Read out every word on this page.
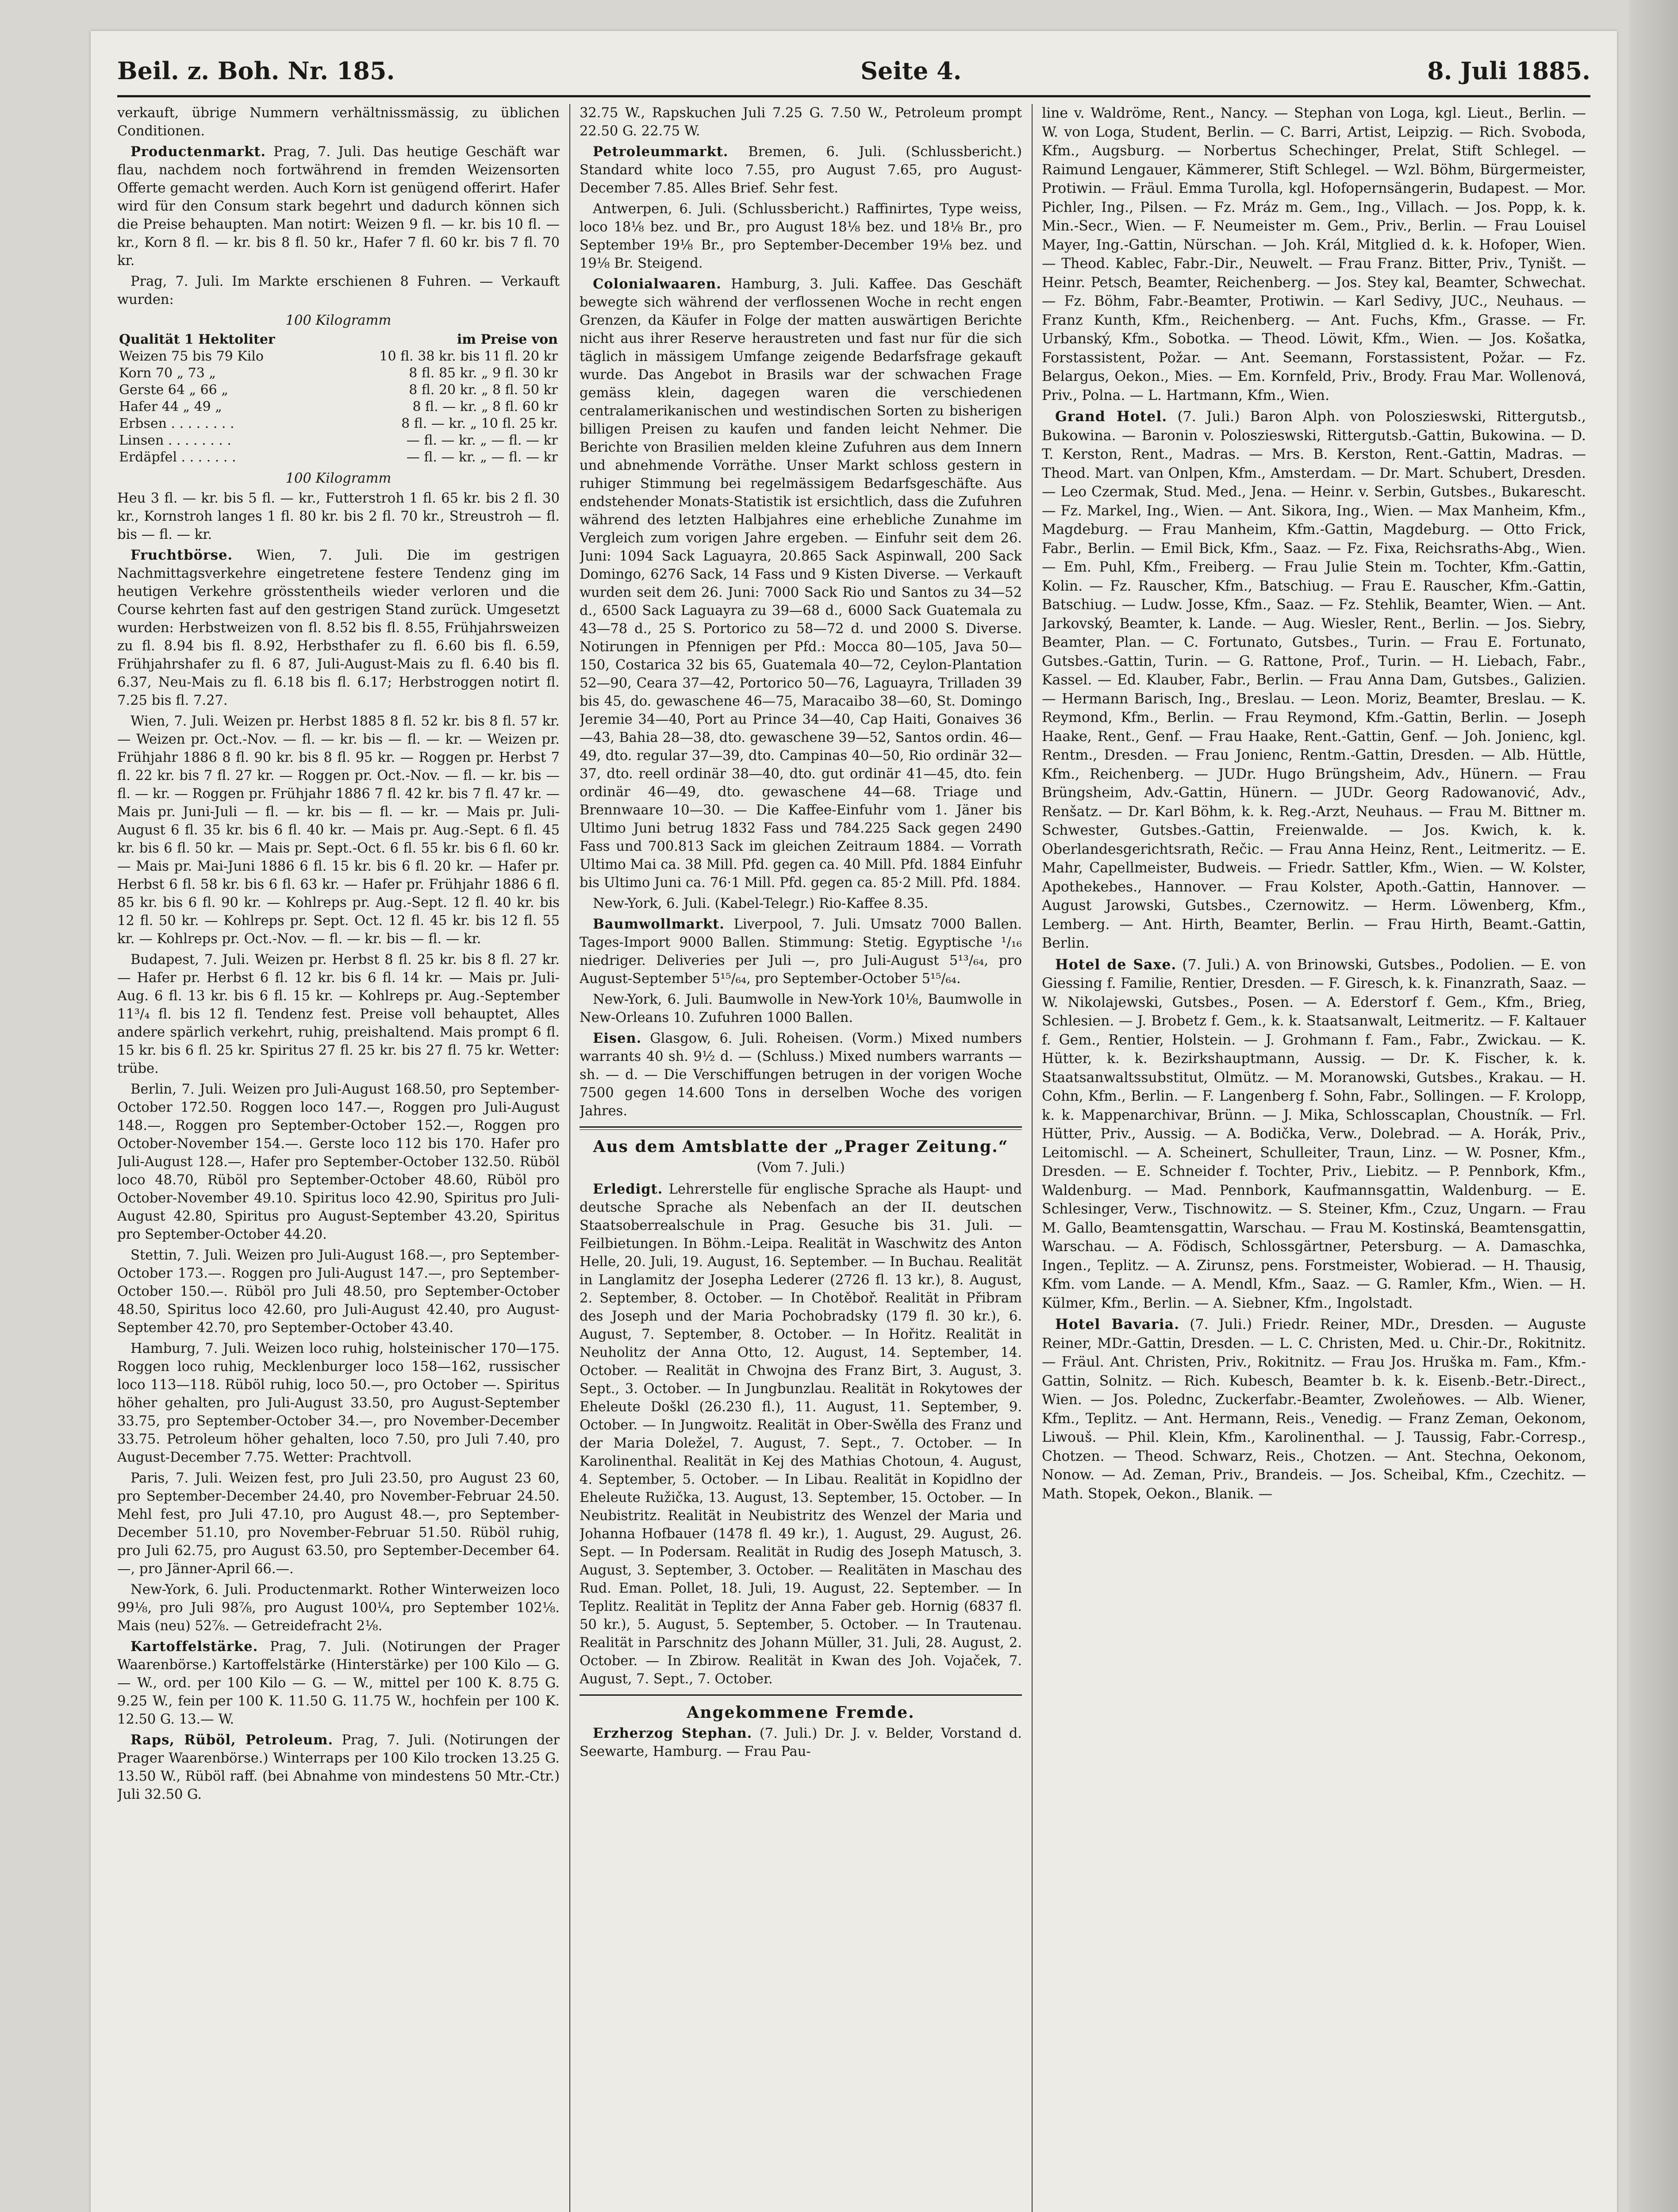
Beil. z. Boh. Nr. 185.	Seite 4.	8. Juli 1885.

verkauft, übrige Nummern verhältnissmässig, zu üblichen Conditionen.

Productenmarkt. Prag, 7. Juli. Das heutige Geschäft war flau, nachdem noch fortwährend in fremden Weizensorten Offerte gemacht werden. Auch Korn ist genügend offerirt. Hafer wird für den Consum stark begehrt und dadurch können sich die Preise behaupten. Man notirt: Weizen 9 fl. — kr. bis 10 fl. — kr., Korn 8 fl. — kr. bis 8 fl. 50 kr., Hafer 7 fl. 60 kr. bis 7 fl. 70 kr.

Prag, 7. Juli. Im Markte erschienen 8 Fuhren. — Verkauft wurden:

100 Kilogramm
Qualität 1 Hektoliter	im Preise von
Weizen 75 bis 79 Kilo	10 fl. 38 kr. bis 11 fl. 20 kr
Korn 70 „ 73 „	8 fl. 85 kr. „ 9 fl. 30 kr
Gerste 64 „ 66 „	8 fl. 20 kr. „ 8 fl. 50 kr
Hafer 44 „ 49 „	8 fl. — kr. „ 8 fl. 60 kr
Erbsen . . . . . . . .	8 fl. — kr. „ 10 fl. 25 kr.
Linsen . . . . . . . .	— fl. — kr. „ — fl. — kr
Erdäpfel . . . . . . .	— fl. — kr. „ — fl. — kr
100 Kilogramm

Heu 3 fl. — kr. bis 5 fl. — kr., Futterstroh 1 fl. 65 kr. bis 2 fl. 30 kr., Kornstroh langes 1 fl. 80 kr. bis 2 fl. 70 kr., Streustroh — fl. bis — fl. — kr.

Fruchtbörse. Wien, 7. Juli. Die im gestrigen Nachmittagsverkehre eingetretene festere Tendenz ging im heutigen Verkehre grösstentheils wieder verloren und die Course kehrten fast auf den gestrigen Stand zurück. Umgesetzt wurden: Herbstweizen von fl. 8.52 bis fl. 8.55, Frühjahrsweizen zu fl. 8.94 bis fl. 8.92, Herbsthafer zu fl. 6.60 bis fl. 6.59, Frühjahrshafer zu fl. 6 87, Juli-August-Mais zu fl. 6.40 bis fl. 6.37, Neu-Mais zu fl. 6.18 bis fl. 6.17; Herbstroggen notirt fl. 7.25 bis fl. 7.27.

Wien, 7. Juli. Weizen pr. Herbst 1885 8 fl. 52 kr. bis 8 fl. 57 kr. — Weizen pr. Oct.-Nov. — fl. — kr. bis — fl. — kr. — Weizen pr. Frühjahr 1886 8 fl. 90 kr. bis 8 fl. 95 kr. — Roggen pr. Herbst 7 fl. 22 kr. bis 7 fl. 27 kr. — Roggen pr. Oct.-Nov. — fl. — kr. bis — fl. — kr. — Roggen pr. Frühjahr 1886 7 fl. 42 kr. bis 7 fl. 47 kr. — Mais pr. Juni-Juli — fl. — kr. bis — fl. — kr. — Mais pr. Juli-August 6 fl. 35 kr. bis 6 fl. 40 kr. — Mais pr. Aug.-Sept. 6 fl. 45 kr. bis 6 fl. 50 kr. — Mais pr. Sept.-Oct. 6 fl. 55 kr. bis 6 fl. 60 kr. — Mais pr. Mai-Juni 1886 6 fl. 15 kr. bis 6 fl. 20 kr. — Hafer pr. Herbst 6 fl. 58 kr. bis 6 fl. 63 kr. — Hafer pr. Frühjahr 1886 6 fl. 85 kr. bis 6 fl. 90 kr. — Kohlreps pr. Aug.-Sept. 12 fl. 40 kr. bis 12 fl. 50 kr. — Kohlreps pr. Sept. Oct. 12 fl. 45 kr. bis 12 fl. 55 kr. — Kohlreps pr. Oct.-Nov. — fl. — kr. bis — fl. — kr.

Budapest, 7. Juli. Weizen pr. Herbst 8 fl. 25 kr. bis 8 fl. 27 kr. — Hafer pr. Herbst 6 fl. 12 kr. bis 6 fl. 14 kr. — Mais pr. Juli-Aug. 6 fl. 13 kr. bis 6 fl. 15 kr. — Kohlreps pr. Aug.-September 11³/₄ fl. bis 12 fl. Tendenz fest. Preise voll behauptet, Alles andere spärlich verkehrt, ruhig, preishaltend. Mais prompt 6 fl. 15 kr. bis 6 fl. 25 kr. Spiritus 27 fl. 25 kr. bis 27 fl. 75 kr. Wetter: trübe.

Berlin, 7. Juli. Weizen pro Juli-August 168.50, pro September-October 172.50. Roggen loco 147.—, Roggen pro Juli-August 148.—, Roggen pro September-October 152.—, Roggen pro October-November 154.—. Gerste loco 112 bis 170. Hafer pro Juli-August 128.—, Hafer pro September-October 132.50. Rüböl loco 48.70, Rüböl pro September-October 48.60, Rüböl pro October-November 49.10. Spiritus loco 42.90, Spiritus pro Juli-August 42.80, Spiritus pro August-September 43.20, Spiritus pro September-October 44.20.

Stettin, 7. Juli. Weizen pro Juli-August 168.—, pro September-October 173.—. Roggen pro Juli-August 147.—, pro September-October 150.—. Rüböl pro Juli 48.50, pro September-October 48.50, Spiritus loco 42.60, pro Juli-August 42.40, pro August-September 42.70, pro September-October 43.40.

Hamburg, 7. Juli. Weizen loco ruhig, holsteinischer 170—175. Roggen loco ruhig, Mecklenburger loco 158—162, russischer loco 113—118. Rüböl ruhig, loco 50.—, pro October —. Spiritus höher gehalten, pro Juli-August 33.50, pro August-September 33.75, pro September-October 34.—, pro November-December 33.75. Petroleum höher gehalten, loco 7.50, pro Juli 7.40, pro August-December 7.75. Wetter: Prachtvoll.

Paris, 7. Juli. Weizen fest, pro Juli 23.50, pro August 23 60, pro September-December 24.40, pro November-Februar 24.50. Mehl fest, pro Juli 47.10, pro August 48.—, pro September-December 51.10, pro November-Februar 51.50. Rüböl ruhig, pro Juli 62.75, pro August 63.50, pro September-December 64.—, pro Jänner-April 66.—.

New-York, 6. Juli. Productenmarkt. Rother Winterweizen loco 99⅛, pro Juli 98⅞, pro August 100¼, pro September 102⅛. Mais (neu) 52⅞. — Getreidefracht 2⅛.

Kartoffelstärke. Prag, 7. Juli. (Notirungen der Prager Waarenbörse.) Kartoffelstärke (Hinterstärke) per 100 Kilo — G. — W., ord. per 100 Kilo — G. — W., mittel per 100 K. 8.75 G. 9.25 W., fein per 100 K. 11.50 G. 11.75 W., hochfein per 100 K. 12.50 G. 13.— W.

Raps, Rüböl, Petroleum. Prag, 7. Juli. (Notirungen der Prager Waarenbörse.) Winterraps per 100 Kilo trocken 13.25 G. 13.50 W., Rüböl raff. (bei Abnahme von mindestens 50 Mtr.-Ctr.) Juli 32.50 G.

32.75 W., Rapskuchen Juli 7.25 G. 7.50 W., Petroleum prompt 22.50 G. 22.75 W.

Petroleummarkt. Bremen, 6. Juli. (Schlussbericht.) Standard white loco 7.55, pro August 7.65, pro August-December 7.85. Alles Brief. Sehr fest.

Antwerpen, 6. Juli. (Schlussbericht.) Raffinirtes, Type weiss, loco 18⅛ bez. und Br., pro August 18⅛ bez. und 18⅛ Br., pro September 19⅛ Br., pro September-December 19⅛ bez. und 19⅛ Br. Steigend.

Colonialwaaren. Hamburg, 3. Juli. Kaffee. Das Geschäft bewegte sich während der verflossenen Woche in recht engen Grenzen, da Käufer in Folge der matten auswärtigen Berichte nicht aus ihrer Reserve heraustreten und fast nur für die sich täglich in mässigem Umfange zeigende Bedarfsfrage gekauft wurde. Das Angebot in Brasils war der schwachen Frage gemäss klein, dagegen waren die verschiedenen centralamerikanischen und westindischen Sorten zu bisherigen billigen Preisen zu kaufen und fanden leicht Nehmer. Die Berichte von Brasilien melden kleine Zufuhren aus dem Innern und abnehmende Vorräthe. Unser Markt schloss gestern in ruhiger Stimmung bei regelmässigem Bedarfsgeschäfte. Aus endstehender Monats-Statistik ist ersichtlich, dass die Zufuhren während des letzten Halbjahres eine erhebliche Zunahme im Vergleich zum vorigen Jahre ergeben. — Einfuhr seit dem 26. Juni: 1094 Sack Laguayra, 20.865 Sack Aspinwall, 200 Sack Domingo, 6276 Sack, 14 Fass und 9 Kisten Diverse. — Verkauft wurden seit dem 26. Juni: 7000 Sack Rio und Santos zu 34—52 d., 6500 Sack Laguayra zu 39—68 d., 6000 Sack Guatemala zu 43—78 d., 25 S. Portorico zu 58—72 d. und 2000 S. Diverse. Notirungen in Pfennigen per Pfd.: Mocca 80—105, Java 50—150, Costarica 32 bis 65, Guatemala 40—72, Ceylon-Plantation 52—90, Ceara 37—42, Portorico 50—76, Laguayra, Trilladen 39 bis 45, do. gewaschene 46—75, Maracaibo 38—60, St. Domingo Jeremie 34—40, Port au Prince 34—40, Cap Haiti, Gonaives 36—43, Bahia 28—38, dto. gewaschene 39—52, Santos ordin. 46—49, dto. regular 37—39, dto. Campinas 40—50, Rio ordinär 32—37, dto. reell ordinär 38—40, dto. gut ordinär 41—45, dto. fein ordinär 46—49, dto. gewaschene 44—68. Triage und Brennwaare 10—30. — Die Kaffee-Einfuhr vom 1. Jäner bis Ultimo Juni betrug 1832 Fass und 784.225 Sack gegen 2490 Fass und 700.813 Sack im gleichen Zeitraum 1884. — Vorrath Ultimo Mai ca. 38 Mill. Pfd. gegen ca. 40 Mill. Pfd. 1884 Einfuhr bis Ultimo Juni ca. 76·1 Mill. Pfd. gegen ca. 85·2 Mill. Pfd. 1884.

New-York, 6. Juli. (Kabel-Telegr.) Rio-Kaffee 8.35.

Baumwollmarkt. Liverpool, 7. Juli. Umsatz 7000 Ballen. Tages-Import 9000 Ballen. Stimmung: Stetig. Egyptische ¹/₁₆ niedriger. Deliveries per Juli —, pro Juli-August 5¹³/₆₄, pro August-September 5¹⁵/₆₄, pro September-October 5¹⁵/₆₄.

New-York, 6. Juli. Baumwolle in New-York 10⅛, Baumwolle in New-Orleans 10. Zufuhren 1000 Ballen.

Eisen. Glasgow, 6. Juli. Roheisen. (Vorm.) Mixed numbers warrants 40 sh. 9½ d. — (Schluss.) Mixed numbers warrants — sh. — d. — Die Verschiffungen betrugen in der vorigen Woche 7500 gegen 14.600 Tons in derselben Woche des vorigen Jahres.

Aus dem Amtsblatte der „Prager Zeitung.“
(Vom 7. Juli.)

Erledigt. Lehrerstelle für englische Sprache als Haupt- und deutsche Sprache als Nebenfach an der II. deutschen Staatsoberrealschule in Prag. Gesuche bis 31. Juli. — Feilbietungen. In Böhm.-Leipa. Realität in Waschwitz des Anton Helle, 20. Juli, 19. August, 16. September. — In Buchau. Realität in Langlamitz der Josepha Lederer (2726 fl. 13 kr.), 8. August, 2. September, 8. October. — In Chotěboř. Realität in Přibram des Joseph und der Maria Pochobradsky (179 fl. 30 kr.), 6. August, 7. September, 8. October. — In Hořitz. Realität in Neuholitz der Anna Otto, 12. August, 14. September, 14. October. — Realität in Chwojna des Franz Birt, 3. August, 3. Sept., 3. October. — In Jungbunzlau. Realität in Rokytowes der Eheleute Doškl (26.230 fl.), 11. August, 11. September, 9. October. — In Jungwoitz. Realität in Ober-Swělla des Franz und der Maria Doležel, 7. August, 7. Sept., 7. October. — In Karolinenthal. Realität in Kej des Mathias Chotoun, 4. August, 4. September, 5. October. — In Libau. Realität in Kopidlno der Eheleute Ružička, 13. August, 13. September, 15. October. — In Neubistritz. Realität in Neubistritz des Wenzel der Maria und Johanna Hofbauer (1478 fl. 49 kr.), 1. August, 29. August, 26. Sept. — In Podersam. Realität in Rudig des Joseph Matusch, 3. August, 3. September, 3. October. — Realitäten in Maschau des Rud. Eman. Pollet, 18. Juli, 19. August, 22. September. — In Teplitz. Realität in Teplitz der Anna Faber geb. Hornig (6837 fl. 50 kr.), 5. August, 5. September, 5. October. — In Trautenau. Realität in Parschnitz des Johann Müller, 31. Juli, 28. August, 2. October. — In Zbirow. Realität in Kwan des Joh. Vojaček, 7. August, 7. Sept., 7. October.

Angekommene Fremde.

Erzherzog Stephan. (7. Juli.) Dr. J. v. Belder, Vorstand d. Seewarte, Hamburg. — Frau Pau-

line v. Waldröme, Rent., Nancy. — Stephan von Loga, kgl. Lieut., Berlin. — W. von Loga, Student, Berlin. — C. Barri, Artist, Leipzig. — Rich. Svoboda, Kfm., Augsburg. — Norbertus Schechinger, Prelat, Stift Schlegel. — Raimund Lengauer, Kämmerer, Stift Schlegel. — Wzl. Böhm, Bürgermeister, Protiwin. — Fräul. Emma Turolla, kgl. Hofopernsängerin, Budapest. — Mor. Pichler, Ing., Pilsen. — Fz. Mráz m. Gem., Ing., Villach. — Jos. Popp, k. k. Min.-Secr., Wien. — F. Neumeister m. Gem., Priv., Berlin. — Frau Louisel Mayer, Ing.-Gattin, Nürschan. — Joh. Král, Mitglied d. k. k. Hofoper, Wien. — Theod. Kablec, Fabr.-Dir., Neuwelt. — Frau Franz. Bitter, Priv., Tyništ. — Heinr. Petsch, Beamter, Reichenberg. — Jos. Stey kal, Beamter, Schwechat. — Fz. Böhm, Fabr.-Beamter, Protiwin. — Karl Sedivy, JUC., Neuhaus. — Franz Kunth, Kfm., Reichenberg. — Ant. Fuchs, Kfm., Grasse. — Fr. Urbanský, Kfm., Sobotka. — Theod. Löwit, Kfm., Wien. — Jos. Košatka, Forstassistent, Požar. — Ant. Seemann, Forstassistent, Požar. — Fz. Belargus, Oekon., Mies. — Em. Kornfeld, Priv., Brody. Frau Mar. Wollenová, Priv., Polna. — L. Hartmann, Kfm., Wien.

Grand Hotel. (7. Juli.) Baron Alph. von Poloszieswski, Rittergutsb., Bukowina. — Baronin v. Poloszieswski, Rittergutsb.-Gattin, Bukowina. — D. T. Kerston, Rent., Madras. — Mrs. B. Kerston, Rent.-Gattin, Madras. — Theod. Mart. van Onlpen, Kfm., Amsterdam. — Dr. Mart. Schubert, Dresden. — Leo Czermak, Stud. Med., Jena. — Heinr. v. Serbin, Gutsbes., Bukarescht. — Fz. Markel, Ing., Wien. — Ant. Sikora, Ing., Wien. — Max Manheim, Kfm., Magdeburg. — Frau Manheim, Kfm.-Gattin, Magdeburg. — Otto Frick, Fabr., Berlin. — Emil Bick, Kfm., Saaz. — Fz. Fixa, Reichsraths-Abg., Wien. — Em. Puhl, Kfm., Freiberg. — Frau Julie Stein m. Tochter, Kfm.-Gattin, Kolin. — Fz. Rauscher, Kfm., Batschiug. — Frau E. Rauscher, Kfm.-Gattin, Batschiug. — Ludw. Josse, Kfm., Saaz. — Fz. Stehlik, Beamter, Wien. — Ant. Jarkovský, Beamter, k. Lande. — Aug. Wiesler, Rent., Berlin. — Jos. Siebry, Beamter, Plan. — C. Fortunato, Gutsbes., Turin. — Frau E. Fortunato, Gutsbes.-Gattin, Turin. — G. Rattone, Prof., Turin. — H. Liebach, Fabr., Kassel. — Ed. Klauber, Fabr., Berlin. — Frau Anna Dam, Gutsbes., Galizien. — Hermann Barisch, Ing., Breslau. — Leon. Moriz, Beamter, Breslau. — K. Reymond, Kfm., Berlin. — Frau Reymond, Kfm.-Gattin, Berlin. — Joseph Haake, Rent., Genf. — Frau Haake, Rent.-Gattin, Genf. — Joh. Jonienc, kgl. Rentm., Dresden. — Frau Jonienc, Rentm.-Gattin, Dresden. — Alb. Hüttle, Kfm., Reichenberg. — JUDr. Hugo Brüngsheim, Adv., Hünern. — Frau Brüngsheim, Adv.-Gattin, Hünern. — JUDr. Georg Radowanović, Adv., Renšatz. — Dr. Karl Böhm, k. k. Reg.-Arzt, Neuhaus. — Frau M. Bittner m. Schwester, Gutsbes.-Gattin, Freienwalde. — Jos. Kwich, k. k. Oberlandesgerichtsrath, Rečic. — Frau Anna Heinz, Rent., Leitmeritz. — E. Mahr, Capellmeister, Budweis. — Friedr. Sattler, Kfm., Wien. — W. Kolster, Apothekebes., Hannover. — Frau Kolster, Apoth.-Gattin, Hannover. — August Jarowski, Gutsbes., Czernowitz. — Herm. Löwenberg, Kfm., Lemberg. — Ant. Hirth, Beamter, Berlin. — Frau Hirth, Beamt.-Gattin, Berlin.

Hotel de Saxe. (7. Juli.) A. von Brinowski, Gutsbes., Podolien. — E. von Giessing f. Familie, Rentier, Dresden. — F. Giresch, k. k. Finanzrath, Saaz. — W. Nikolajewski, Gutsbes., Posen. — A. Ederstorf f. Gem., Kfm., Brieg, Schlesien. — J. Brobetz f. Gem., k. k. Staatsanwalt, Leitmeritz. — F. Kaltauer f. Gem., Rentier, Holstein. — J. Grohmann f. Fam., Fabr., Zwickau. — K. Hütter, k. k. Bezirkshauptmann, Aussig. — Dr. K. Fischer, k. k. Staatsanwaltssubstitut, Olmütz. — M. Moranowski, Gutsbes., Krakau. — H. Cohn, Kfm., Berlin. — F. Langenberg f. Sohn, Fabr., Sollingen. — F. Krolopp, k. k. Mappenarchivar, Brünn. — J. Mika, Schlosscaplan, Choustník. — Frl. Hütter, Priv., Aussig. — A. Bodička, Verw., Dolebrad. — A. Horák, Priv., Leitomischl. — A. Scheinert, Schulleiter, Traun, Linz. — W. Posner, Kfm., Dresden. — E. Schneider f. Tochter, Priv., Liebitz. — P. Pennbork, Kfm., Waldenburg. — Mad. Pennbork, Kaufmannsgattin, Waldenburg. — E. Schlesinger, Verw., Tischnowitz. — S. Steiner, Kfm., Czuz, Ungarn. — Frau M. Gallo, Beamtensgattin, Warschau. — Frau M. Kostinská, Beamtensgattin, Warschau. — A. Födisch, Schlossgärtner, Petersburg. — A. Damaschka, Ingen., Teplitz. — A. Zirunsz, pens. Forstmeister, Wobierad. — H. Thausig, Kfm. vom Lande. — A. Mendl, Kfm., Saaz. — G. Ramler, Kfm., Wien. — H. Külmer, Kfm., Berlin. — A. Siebner, Kfm., Ingolstadt.

Hotel Bavaria. (7. Juli.) Friedr. Reiner, MDr., Dresden. — Auguste Reiner, MDr.-Gattin, Dresden. — L. C. Christen, Med. u. Chir.-Dr., Rokitnitz. — Fräul. Ant. Christen, Priv., Rokitnitz. — Frau Jos. Hruška m. Fam., Kfm.-Gattin, Solnitz. — Rich. Kubesch, Beamter b. k. k. Eisenb.-Betr.-Direct., Wien. — Jos. Polednc, Zuckerfabr.-Beamter, Zwoleňowes. — Alb. Wiener, Kfm., Teplitz. — Ant. Hermann, Reis., Venedig. — Franz Zeman, Oekonom, Liwouš. — Phil. Klein, Kfm., Karolinenthal. — J. Taussig, Fabr.-Corresp., Chotzen. — Theod. Schwarz, Reis., Chotzen. — Ant. Stechna, Oekonom, Nonow. — Ad. Zeman, Priv., Brandeis. — Jos. Scheibal, Kfm., Czechitz. — Math. Stopek, Oekon., Blanik. —
